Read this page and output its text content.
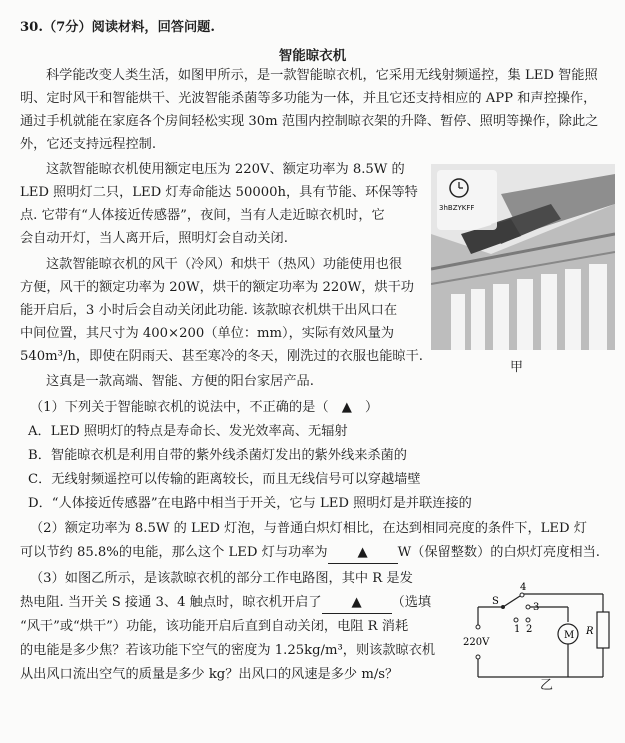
30.（7分）阅读材料，回答问题.
智能晾衣机
科学能改变人类生活，如图甲所示，是一款智能晾衣机，它采用无线射频遥控，集 LED 智能照
明、定时风干和智能烘干、光波智能杀菌等多功能为一体，并且它还支持相应的 APP 和声控操作，
通过手机就能在家庭各个房间轻松实现 30m 范围内控制晾衣架的升降、暂停、照明等操作，除此之
外，它还支持远程控制.
这款智能晾衣机使用额定电压为 220V、额定功率为 8.5W 的
LED 照明灯二只，LED 灯寿命能达 50000h，具有节能、环保等特
点. 它带有“人体接近传感器”，夜间，当有人走近晾衣机时，它
会自动开灯，当人离开后，照明灯会自动关闭.
这款智能晾衣机的风干（冷风）和烘干（热风）功能使用也很
方便，风干的额定功率为 20W，烘干的额定功率为 220W，烘干功
能开启后，3 小时后会自动关闭此功能. 该款晾衣机烘干出风口在
中间位置，其尺寸为 400×200（单位：mm），实际有效风量为
540m³/h，即使在阴雨天、甚至寒冷的冬天，刚洗过的衣服也能晾干.
这真是一款高端、智能、方便的阳台家居产品.
3hBZYKFF
甲
（1）下列关于智能晾衣机的说法中，不正确的是（　▲　）
A．LED 照明灯的特点是寿命长、发光效率高、无辐射
B．智能晾衣机是利用自带的紫外线杀菌灯发出的紫外线来杀菌的
C．无线射频遥控可以传输的距离较长，而且无线信号可以穿越墙壁
D．“人体接近传感器”在电路中相当于开关，它与 LED 照明灯是并联连接的
（2）额定功率为 8.5W 的 LED 灯泡，与普通白炽灯相比，在达到相同亮度的条件下，LED 灯
可以节约 85.8%的电能，那么这个 LED 灯与功率为 ▲ W（保留整数）的白炽灯亮度相当.
（3）如图乙所示，是该款晾衣机的部分工作电路图，其中 R 是发
热电阻. 当开关 S 接通 3、4 触点时，晾衣机开启了 ▲ （选填
“风干”或“烘干”）功能，该功能开启后直到自动关闭，电阻 R 消耗
的电能是多少焦？若该功能下空气的密度为 1.25kg/m³，则该款晾衣机
从出风口流出空气的质量是多少 kg？出风口的风速是多少 m/s？
220V
S
1 2
3
4
M R
乙
